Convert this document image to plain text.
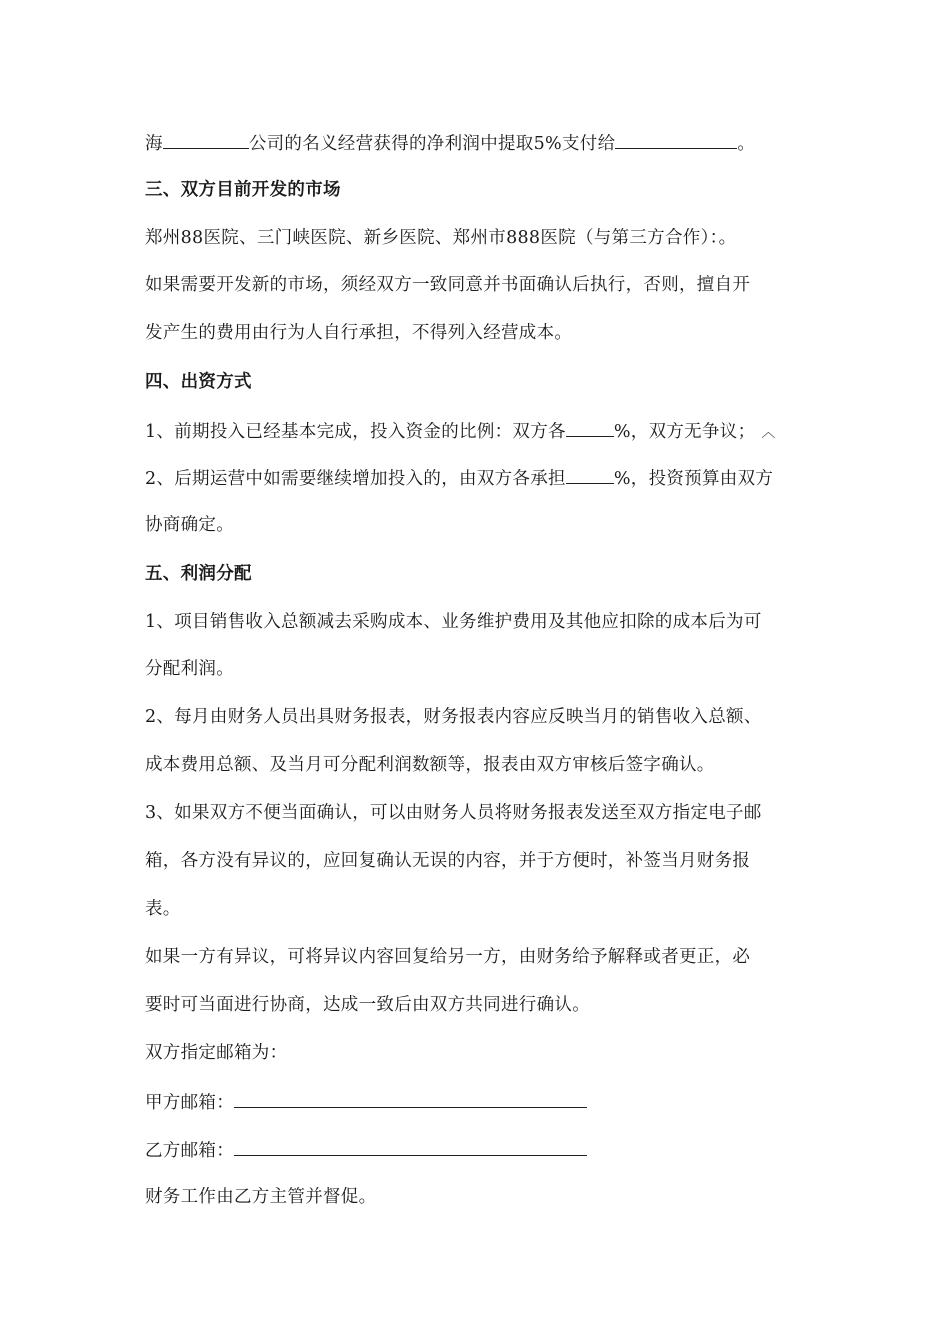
海	公司的名义经营获得的净利润中提取5%支付给	。
三、双方目前开发的市场
郑州88医院、三门峡医院、新乡医院、郑州市888医院（与第三方合作）：。
如果需要开发新的市场，须经双方一致同意并书面确认后执行，否则，擅自开
发产生的费用由行为人自行承担，不得列入经营成本。
四、出资方式
1、前期投入已经基本完成，投入资金的比例：双方各	%，双方无争议； ︿
2、后期运营中如需要继续增加投入的，由双方各承担	%，投资预算由双方
协商确定。
五、利润分配
1、项目销售收入总额减去采购成本、业务维护费用及其他应扣除的成本后为可
分配利润。
2、每月由财务人员出具财务报表，财务报表内容应反映当月的销售收入总额、
成本费用总额、及当月可分配利润数额等，报表由双方审核后签字确认。
3、如果双方不便当面确认，可以由财务人员将财务报表发送至双方指定电子邮
箱，各方没有异议的，应回复确认无误的内容，并于方便时，补签当月财务报
表。
如果一方有异议，可将异议内容回复给另一方，由财务给予解释或者更正，必
要时可当面进行协商，达成一致后由双方共同进行确认。
双方指定邮箱为：
甲方邮箱：
乙方邮箱：
财务工作由乙方主管并督促。
